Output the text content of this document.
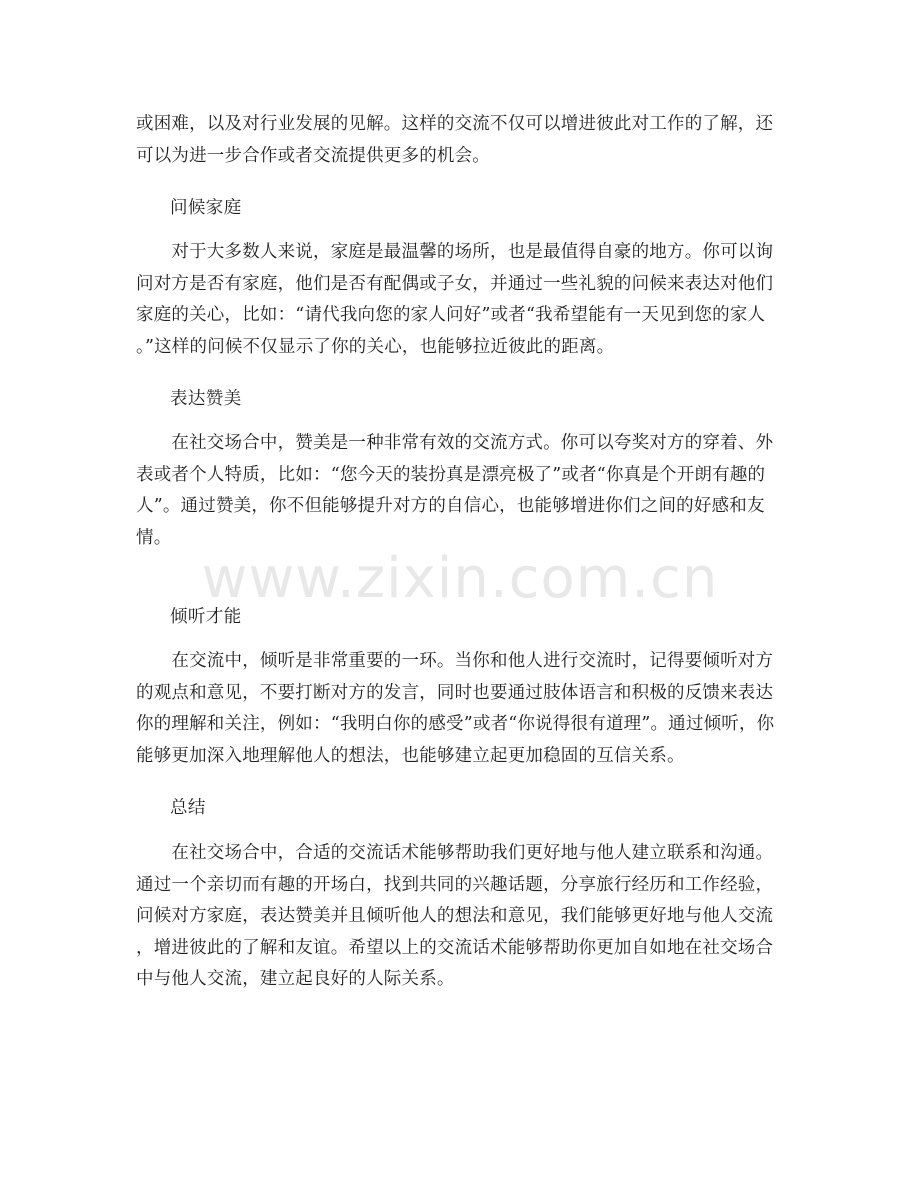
或困难，以及对行业发展的见解。这样的交流不仅可以增进彼此对工作的了解，还
可以为进一步合作或者交流提供更多的机会。
问候家庭
　　对于大多数人来说，家庭是最温馨的场所，也是最值得自豪的地方。你可以询
问对方是否有家庭，他们是否有配偶或子女，并通过一些礼貌的问候来表达对他们
家庭的关心，比如：“请代我向您的家人问好”或者“我希望能有一天见到您的家人
。”这样的问候不仅显示了你的关心，也能够拉近彼此的距离。
表达赞美
　　在社交场合中，赞美是一种非常有效的交流方式。你可以夸奖对方的穿着、外
表或者个人特质，比如：“您今天的装扮真是漂亮极了”或者“你真是个开朗有趣的
人”。通过赞美，你不但能够提升对方的自信心，也能够增进你们之间的好感和友
情。
倾听才能
　　在交流中，倾听是非常重要的一环。当你和他人进行交流时，记得要倾听对方
的观点和意见，不要打断对方的发言，同时也要通过肢体语言和积极的反馈来表达
你的理解和关注，例如：“我明白你的感受”或者“你说得很有道理”。通过倾听，你
能够更加深入地理解他人的想法，也能够建立起更加稳固的互信关系。
总结
　　在社交场合中，合适的交流话术能够帮助我们更好地与他人建立联系和沟通。
通过一个亲切而有趣的开场白，找到共同的兴趣话题，分享旅行经历和工作经验，
问候对方家庭，表达赞美并且倾听他人的想法和意见，我们能够更好地与他人交流
，增进彼此的了解和友谊。希望以上的交流话术能够帮助你更加自如地在社交场合
中与他人交流，建立起良好的人际关系。
www.zixin.com.cn
